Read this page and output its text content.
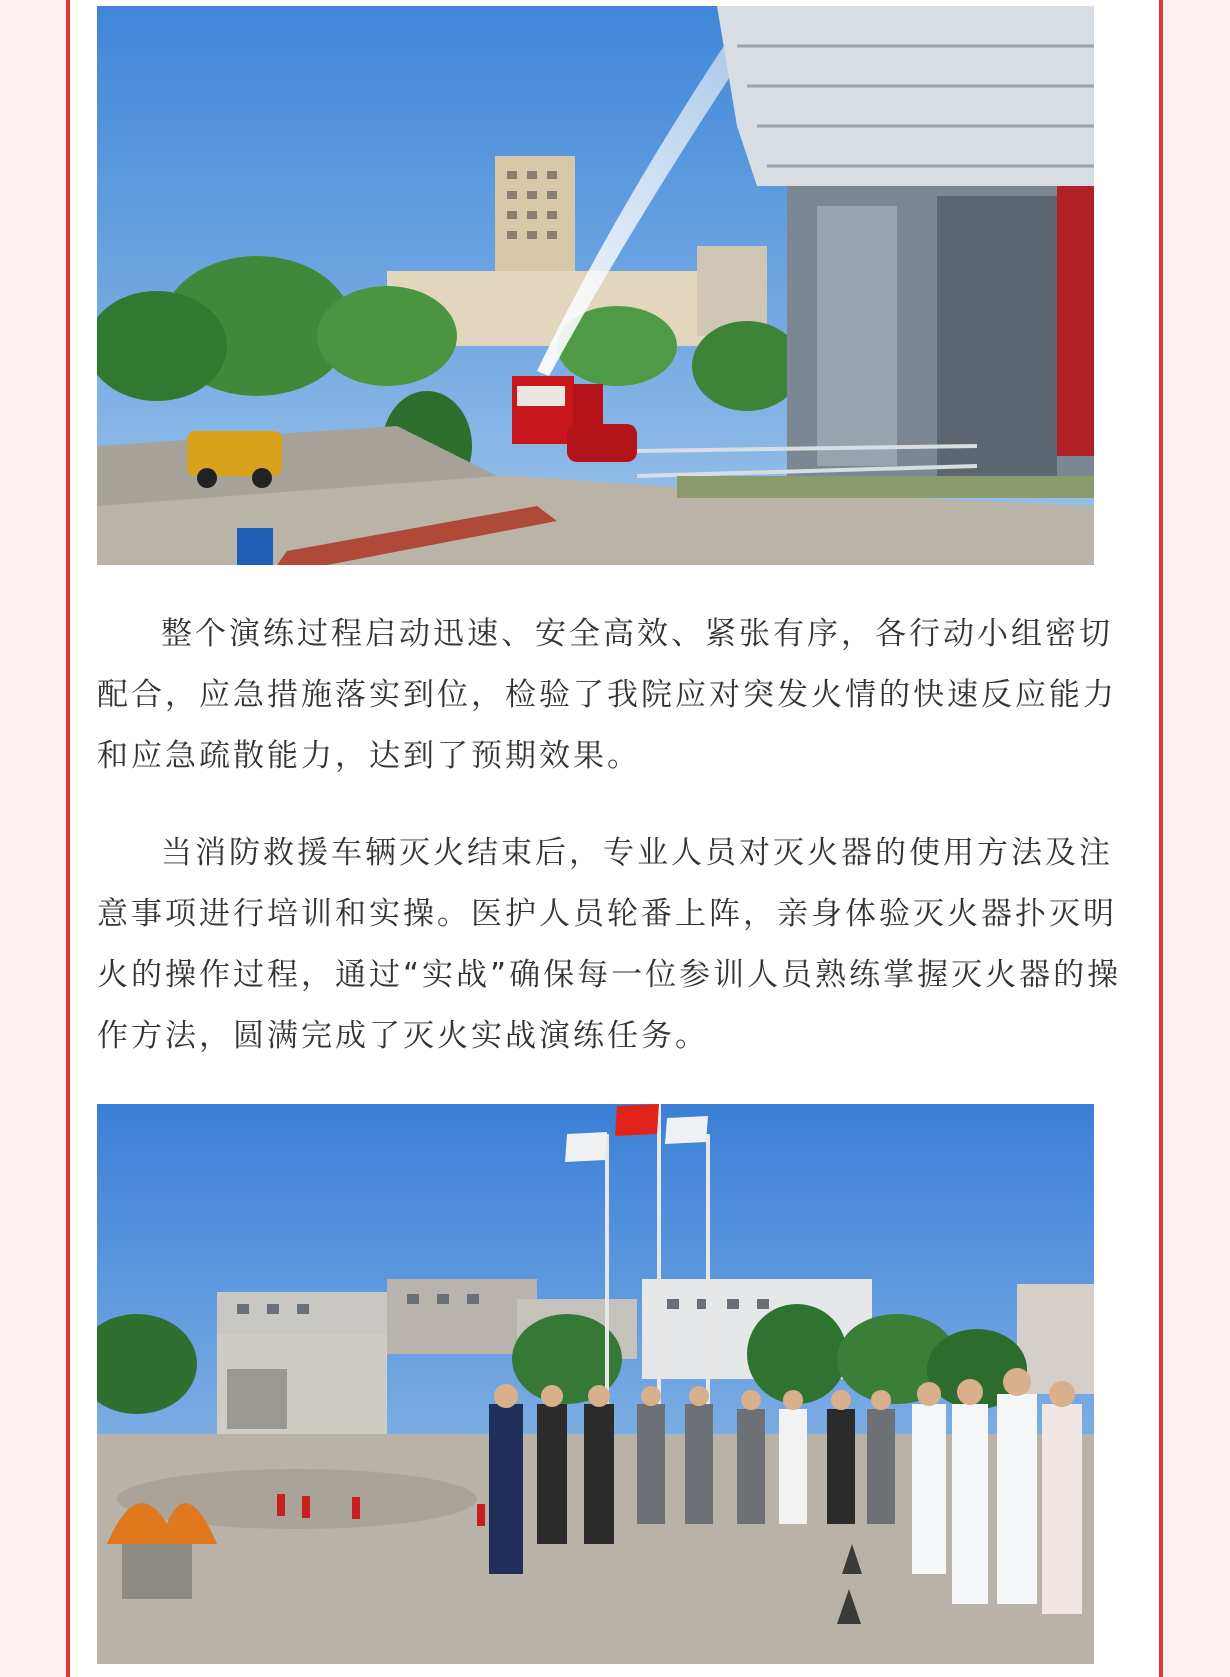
整个演练过程启动迅速、安全高效、紧张有序，各行动小组密切配合，应急措施落实到位，检验了我院应对突发火情的快速反应能力和应急疏散能力，达到了预期效果。

当消防救援车辆灭火结束后，专业人员对灭火器的使用方法及注意事项进行培训和实操。医护人员轮番上阵，亲身体验灭火器扑灭明火的操作过程，通过“实战”确保每一位参训人员熟练掌握灭火器的操作方法，圆满完成了灭火实战演练任务。
